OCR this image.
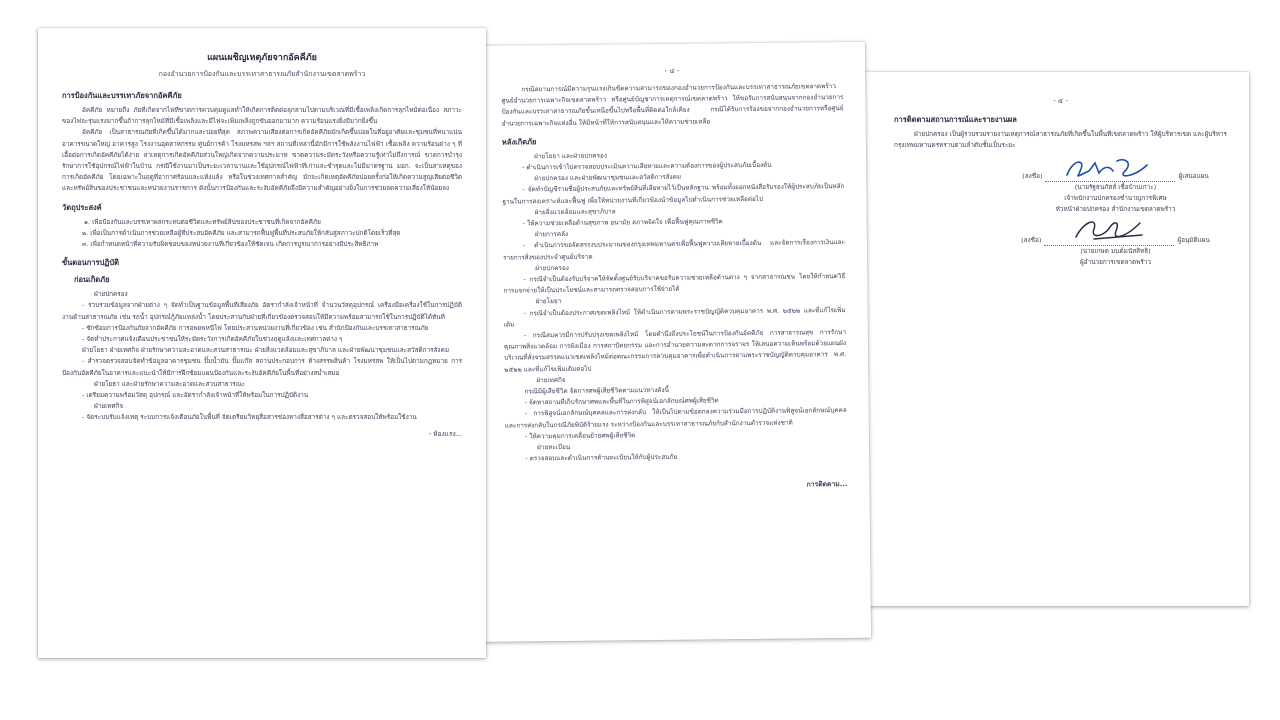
แผนเผชิญเหตุภัยจากอัคคีภัย
กองอำนวยการป้องกันและบรรเทาสาธารณภัยสำนักงานเขตลาดพร้าว
การป้องกันและบรรเทาภัยจากอัคคีภัย

อัคคีภัย หมายถึง ภัยที่เกิดจากไฟที่ขาดการควบคุมดูแลทำให้เกิดการติดต่อลุกลามไปตามบริเวณที่มีเชื้อเพลิงเกิดการลุกไหม้ต่อเนื่อง สภาวะของไฟจะรุนแรงมากขึ้นถ้าการลุกไหม้ที่มีเชื้อเพลิงและมีไฟจะเพิ่มเพลิงถูกขับออกมามาก ความร้อนแรงยิ่งมีมากยิ่งขึ้น

อัคคีภัย เป็นสาธารณภัยที่เกิดขึ้นได้มากและบ่อยที่สุด สภาพความเสี่ยงต่อการเกิดอัคคีภัยมักเกิดขึ้นบ่อยในที่อยู่อาศัยและชุมชนที่หนาแน่น อาคารขนาดใหญ่ อาคารสูง โรงงานอุตสาหกรรม ศูนย์การค้า โรงมหรสพ ฯลฯ สถานที่เหล่านี้มักมีการใช้พลังงานไฟฟ้า เชื้อเพลิง ความร้อนต่าง ๆ ที่เอื้อต่อการเกิดอัคคีภัยได้ง่าย สาเหตุการเกิดอัคคีภัยส่วนใหญ่เกิดจากความประมาท ขาดความระมัดระวังหรือความรู้เท่าไม่ถึงการณ์ ขาดการบำรุงรักษาการใช้อุปกรณ์ไฟฟ้าในบ้าน กรณีใช้งานมาเป็นระยะเวลานานและใช้อุปกรณ์ไฟฟ้าที่เก่าและชำรุดและไม่มีมาตรฐาน มอก. จะเป็นสาเหตุของการเกิดอัคคีภัย โดยเฉพาะในฤดูที่อากาศร้อนและแห้งแล้ง หรือในช่วงเทศกาลสำคัญ มักจะเกิดเหตุอัคคีภัยบ่อยครั้งก่อให้เกิดความสูญเสียต่อชีวิตและทรัพย์สินของประชาชนและหน่วยงานราชการ ดังนั้นการป้องกันและระงับอัคคีภัยจึงมีความสำคัญอย่างยิ่งในการช่วยลดความเสี่ยงให้น้อยลง

วัตถุประสงค์

๑. เพื่อป้องกันและบรรเทาผลกระทบต่อชีวิตและทรัพย์สินของประชาชนที่เกิดจากอัคคีภัย

๒. เพื่อเป็นการดำเนินการช่วยเหลือผู้ที่ประสบอัคคีภัย และสามารถฟื้นฟูพื้นที่ประสบภัยให้กลับสู่สภาวะปกติโดยเร็วที่สุด

๓. เพื่อกำหนดหน้าที่ความรับผิดชอบของหน่วยงานที่เกี่ยวข้องให้ชัดเจน เกิดการบูรณาการอย่างมีประสิทธิภาพ

ขั้นตอนการปฏิบัติ
ก่อนเกิดภัย

ฝ่ายปกครอง

- รวบรวมข้อมูลจากฝ่ายต่าง ๆ จัดทำเป็นฐานข้อมูลพื้นที่เสี่ยงภัย อัตรากำลังเจ้าหน้าที่ จำนวนวัสดุอุปกรณ์ เครื่องมือเครื่องใช้ในการปฏิบัติงานด้านสาธารณภัย เช่น รถน้ำ อุปกรณ์กู้ภัยแหล่งน้ำ โดยประสานกับฝ่ายที่เกี่ยวข้องตรวจสอบให้มีความพร้อมสามารถใช้ในการปฏิบัติได้ทันที

- ซักซ้อมการป้องกันภัยจากอัคคีภัย การอพยพหนีไฟ โดยประสานหน่วยงานที่เกี่ยวข้อง เช่น สำนักป้องกันและบรรเทาสาธารณภัย

- จัดทำประกาศแจ้งเตือนประชาชนให้ระมัดระวังการเกิดอัคคีภัยในช่วงฤดูแล้งและเทศกาลต่าง ๆ

ฝ่ายโยธา ฝ่ายเทศกิจ ฝ่ายรักษาความสะอาดและสวนสาธารณะ ฝ่ายสิ่งแวดล้อมและสุขาภิบาล และฝ่ายพัฒนาชุมชนและสวัสดิการสังคม

- สำรวจตรวจสอบจัดทำข้อมูลอาคารชุมชน ปั๊มน้ำมัน ปั๊มแก๊ส สถานประกอบการ ห้างสรรพสินค้า โรงมหรสพ ให้เป็นไปตามกฎหมาย การป้องกันอัคคีภัยในอาคารและแนะนำให้มีการฝึกซ้อมแผนป้องกันและระงับอัคคีภัยในพื้นที่อย่างสม่ำเสมอ

ฝ่ายโยธา และฝ่ายรักษาความสะอาดและสวนสาธารณะ

- เตรียมความพร้อมวัสดุ อุปกรณ์ และอัตรากำลังเจ้าหน้าที่ให้พร้อมในการปฏิบัติงาน

ฝ่ายเทศกิจ

- จัดระบบรับแจ้งเหตุ ระบบการแจ้งเตือนภัยในพื้นที่ จัดเตรียมวิทยุสื่อสารช่องทางสื่อสารต่าง ๆ และตรวจสอบให้พร้อมใช้งาน

- ห้องแรง...
- ๔ -

กรณีสถานการณ์มีความรุนแรงเกินขีดความสามารถของกองอำนวยการป้องกันและบรรเทาสาธารณภัยเขตลาดพร้าว ศูนย์อำนวยการเฉพาะกิจเขตลาดพร้าว หรือศูนย์บัญชาการเหตุการณ์เขตลาดพร้าว ให้ขอรับการสนับสนุนจากกองอำนวยการป้องกันและบรรเทาสาธารณภัยขั้นเหนือขึ้นไปหรือพื้นที่ติดต่อใกล้เคียง กรณีได้รับการร้องขอจากกองอำนวยการหรือศูนย์อำนวยการเฉพาะกิจแห่งอื่น ให้มีหน้าที่ให้การสนับสนุนและให้ความช่วยเหลือ

หลังเกิดภัย

ฝ่ายโยธา และฝ่ายปกครอง

- ดำเนินการเข้าไปตรวจสอบประเมินความเสียหายและความต้องการของผู้ประสบภัยเบื้องต้น

ฝ่ายปกครอง และฝ่ายพัฒนาชุมชนและสวัสดิการสังคม

- จัดทำบัญชีรายชื่อผู้ประสบภัยและทรัพย์สินที่เสียหายไว้เป็นหลักฐาน พร้อมทั้งออกหนังสือรับรองให้ผู้ประสบภัยเป็นหลักฐานในการสงเคราะห์และฟื้นฟู เพื่อให้หน่วยงานที่เกี่ยวข้องนำข้อมูลไปดำเนินการช่วยเหลือต่อไป

ฝ่ายสิ่งแวดล้อมและสุขาภิบาล

- ให้ความช่วยเหลือด้านสุขภาพ อนามัย สภาพจิตใจ เพื่อฟื้นฟูคุณภาพชีวิต

ฝ่ายการคลัง

- ดำเนินการขอจัดสรรงบประมาณของกรุงเทพมหานครเพื่อฟื้นฟูความเสียหายเบื้องต้น และจัดการเรื่องการเงินและรายการสิ่งของประจำศูนย์บริจาค

ฝ่ายปกครอง

- กรณีจำเป็นต้องรับบริจาคให้จัดตั้งศูนย์รับบริจาคขอรับความช่วยเหลือด้านต่าง ๆ จากสาธารณชน โดยให้กำหนดวิธีการแจกจ่ายให้เป็นประโยชน์และสามารถตรวจสอบการใช้จ่ายได้

ฝ่ายโยธา

- กรณีจำเป็นต้องประกาศเขตเพลิงไหม้ ให้ดำเนินการตามพระราชบัญญัติควบคุมอาคาร พ.ศ. ๒๕๒๒ และที่แก้ไขเพิ่มเติม

- กรณีสมควรมีการปรับปรุงเขตเพลิงไหม้ โดยคำนึงถึงประโยชน์ในการป้องกันอัคคีภัย การสาธารณสุข การรักษาคุณภาพสิ่งแวดล้อม การผังเมือง การสถาปัตยกรรม และการอำนวยความสะดวกการจราจร ให้เสนอความเห็นพร้อมด้วยแผนผังบริเวณที่สั่งจรมสรรคแนวเขตเพลิงไหม้ต่อคณะกรรมการควบคุมอาคารเพื่อดำเนินการตามพระราชบัญญัติควบคุมอาคาร พ.ศ. ๒๕๒๒ และที่แก้ไขเพิ่มเติมต่อไป

ฝ่ายเทศกิจ

กรณีมีผู้เสียชีวิต จัดการศพผู้เสียชีวิตตามแนวทางดังนี้

- จัดหาสถานที่เก็บรักษาศพและพื้นที่ในการพิสูจน์เอกลักษณ์ศพผู้เสียชีวิต

- การพิสูจน์เอกลักษณ์บุคคลและการส่งกลับ ให้เป็นไปตามข้อตกลงความร่วมมือการปฏิบัติงานพิสูจน์เอกลักษณ์บุคคลและการส่งกลับในกรณีภัยพิบัติร้ายแรง ระหว่างป้องกันและบรรเทาสาธารณภัยกับสำนักงานตำรวจแห่งชาติ

- ให้ความคุมการเคลื่อนย้ายศพผู้เสียชีวิต

ฝ่ายทะเบียน

- ตรวจสอบและดำเนินการด้านทะเบียนให้กับผู้ประสบภัย

การติดตาม...
- ๕ -
การติดตามสถานการณ์และรายงานผล

ฝ่ายปกครอง เป็นผู้รวบรวมรายงานเหตุการณ์สาธารณภัยที่เกิดขึ้นในพื้นที่เขตลาดพร้าว ให้ผู้บริหารเขต และผู้บริหารกรุงเทพมหานครทราบตามลำดับชั้นเป็นระยะ

(ลงชื่อ)	ผู้เสนอแผน
(นายรัฐธนภัสส์ เชื้อบ้านเกาะ)
เจ้าพนักงานปกครองชำนาญการพิเศษ
หัวหน้าฝ่ายปกครอง สำนักงานเขตลาดพร้าว
(ลงชื่อ)	ผู้อนุมัติแผน
(นายเกษต มนต์มนัสสิทธิ)
ผู้อำนวยการเขตลาดพร้าว
